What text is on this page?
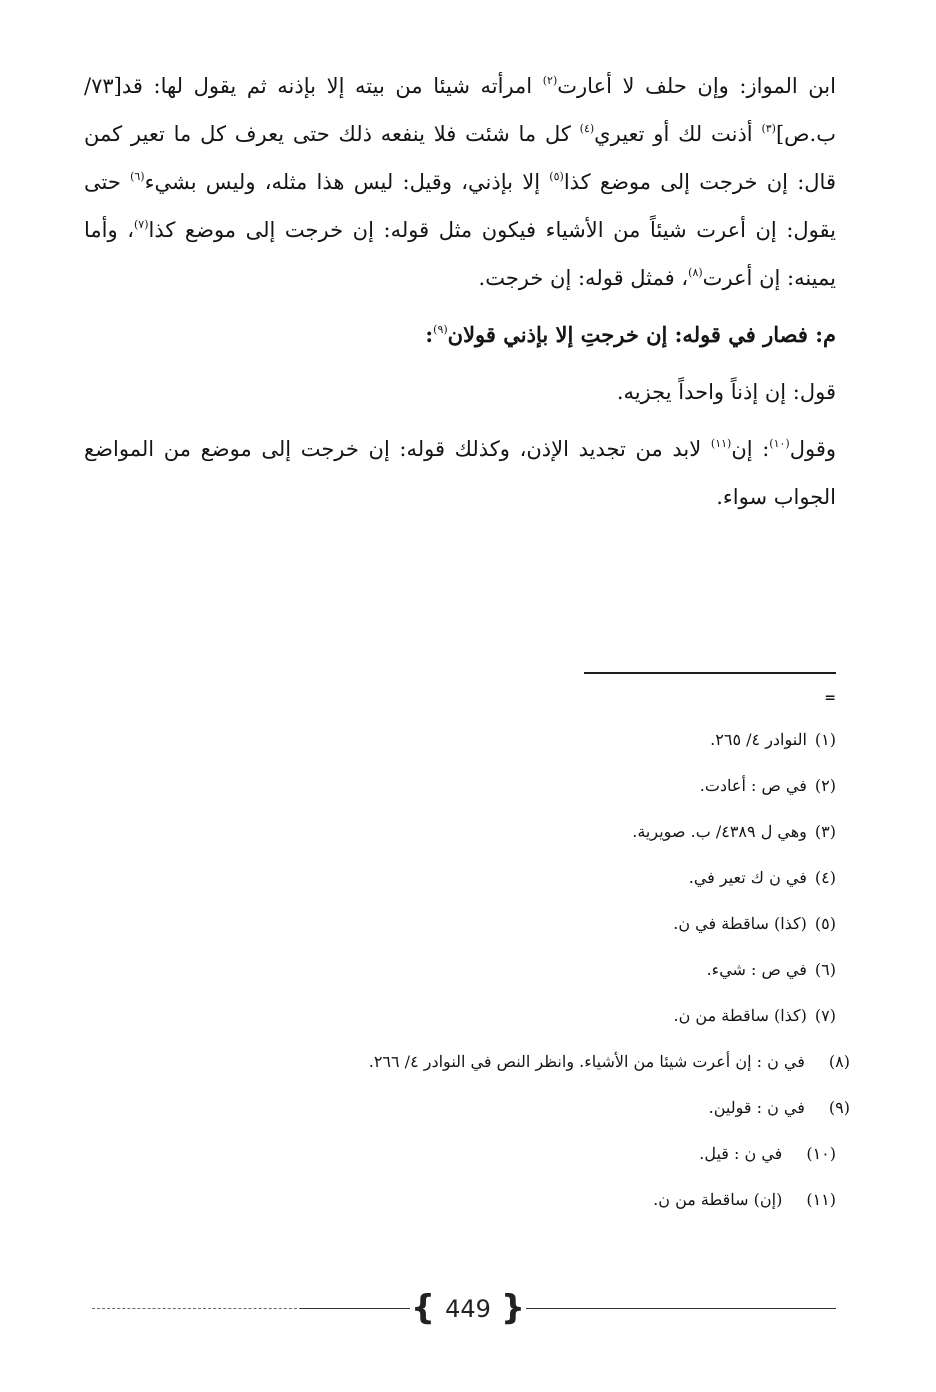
ابن المواز: وإن حلف لا أعارت$^{(٢)}$ امرأته شيئا من بيته إلا بإذنه ثم يقول لها: قد[٧٣/ ب.ص]$^{(٣)}$ أذنت لك أو تعيري$^{(٤)}$ كل ما شئت فلا ينفعه ذلك حتى يعرف كل ما تعير كمن قال: إن خرجت إلى موضع كذا$^{(٥)}$ إلا بإذني، وقيل: ليس هذا مثله، وليس بشيء$^{(٦)}$ حتى يقول: إن أعرت شيئاً من الأشياء فيكون مثل قوله: إن خرجت إلى موضع كذا$^{(٧)}$، وأما يمينه: إن أعرت$^{(٨)}$، فمثل قوله: إن خرجت.

م: فصار في قوله: إن خرجتِ إلا بإذني قولان$^{(٩)}$:

قول: إن إذناً واحداً يجزيه.

وقول$^{(١٠)}$: إن$^{(١١)}$ لابد من تجديد الإذن، وكذلك قوله: إن خرجت إلى موضع من المواضع الجواب سواء.

=
(١)النوادر ٤/ ٢٦٥.
(٢)في ص : أعادت.
(٣)وهي ل ٤٣٨٩/ ب. صويرية.
(٤)في ن ك تعير في.
(٥)(كذا) ساقطة في ن.
(٦)في ص : شيء.
(٧)(كذا) ساقطة من ن.
(٨)في ن : إن أعرت شيئا من الأشياء. وانظر النص في النوادر ٤/ ٢٦٦.
(٩)في ن : قولين.
(١٠)في ن : قيل.
(١١)(إن) ساقطة من ن.
{ 449 }
